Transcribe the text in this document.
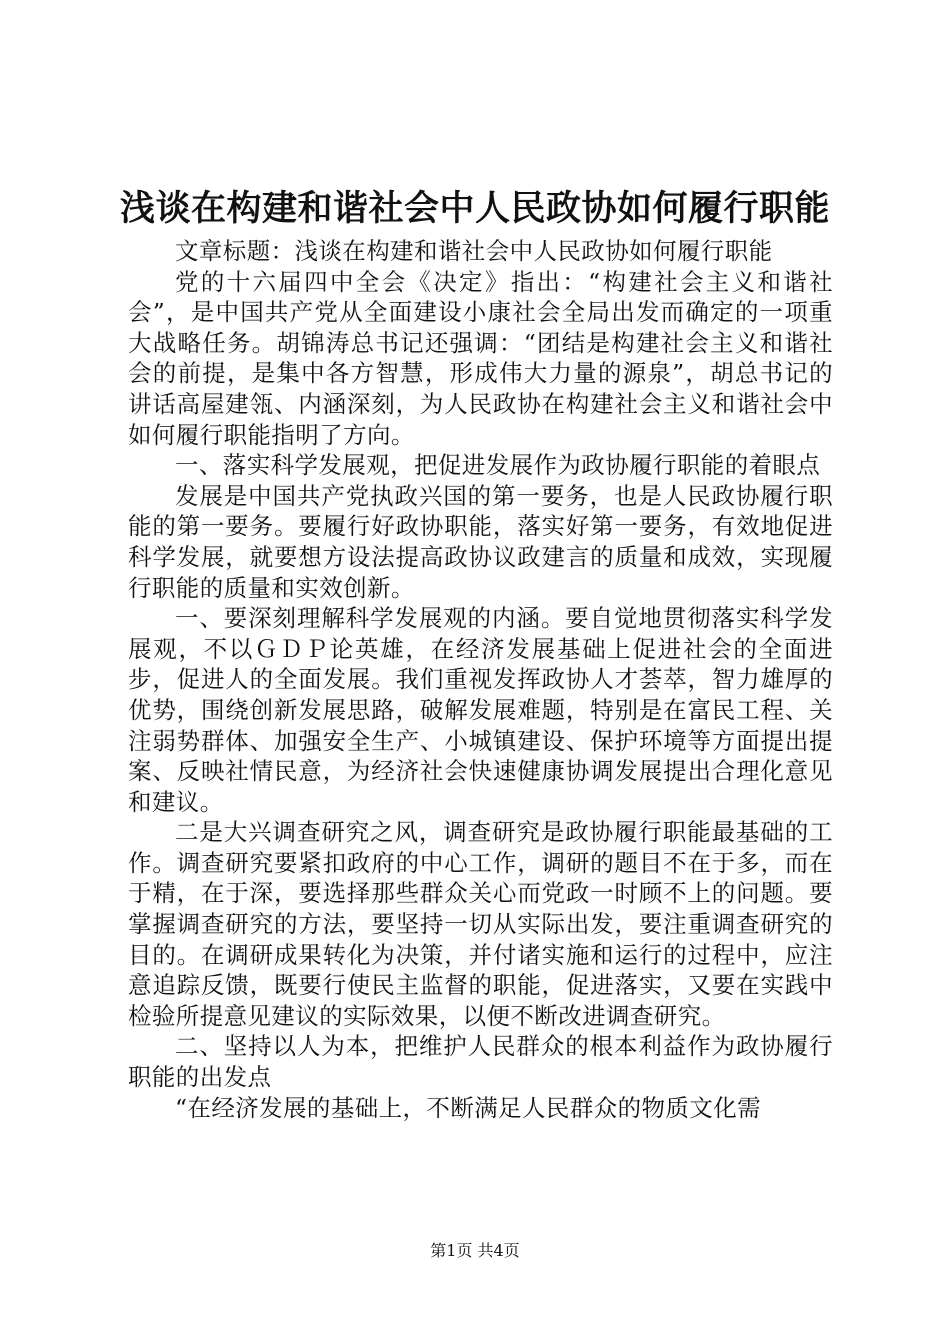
浅谈在构建和谐社会中人民政协如何履行职能

文章标题：浅谈在构建和谐社会中人民政协如何履行职能

党的十六届四中全会《决定》指出：“构建社会主义和谐社会”，是中国共产党从全面建设小康社会全局出发而确定的一项重大战略任务。胡锦涛总书记还强调：“团结是构建社会主义和谐社会的前提，是集中各方智慧，形成伟大力量的源泉”，胡总书记的讲话高屋建瓴、内涵深刻，为人民政协在构建社会主义和谐社会中如何履行职能指明了方向。

一、落实科学发展观，把促进发展作为政协履行职能的着眼点

发展是中国共产党执政兴国的第一要务，也是人民政协履行职能的第一要务。要履行好政协职能，落实好第一要务，有效地促进科学发展，就要想方设法提高政协议政建言的质量和成效，实现履行职能的质量和实效创新。

一、要深刻理解科学发展观的内涵。要自觉地贯彻落实科学发展观，不以ＧＤＰ论英雄，在经济发展基础上促进社会的全面进步，促进人的全面发展。我们重视发挥政协人才荟萃，智力雄厚的优势，围绕创新发展思路，破解发展难题，特别是在富民工程、关注弱势群体、加强安全生产、小城镇建设、保护环境等方面提出提案、反映社情民意，为经济社会快速健康协调发展提出合理化意见和建议。

二是大兴调查研究之风，调查研究是政协履行职能最基础的工作。调查研究要紧扣政府的中心工作，调研的题目不在于多，而在于精，在于深，要选择那些群众关心而党政一时顾不上的问题。要掌握调查研究的方法，要坚持一切从实际出发，要注重调查研究的目的。在调研成果转化为决策，并付诸实施和运行的过程中，应注意追踪反馈，既要行使民主监督的职能，促进落实，又要在实践中检验所提意见建议的实际效果，以便不断改进调查研究。

二、坚持以人为本，把维护人民群众的根本利益作为政协履行职能的出发点

“在经济发展的基础上，不断满足人民群众的物质文化需

第1页 共4页
